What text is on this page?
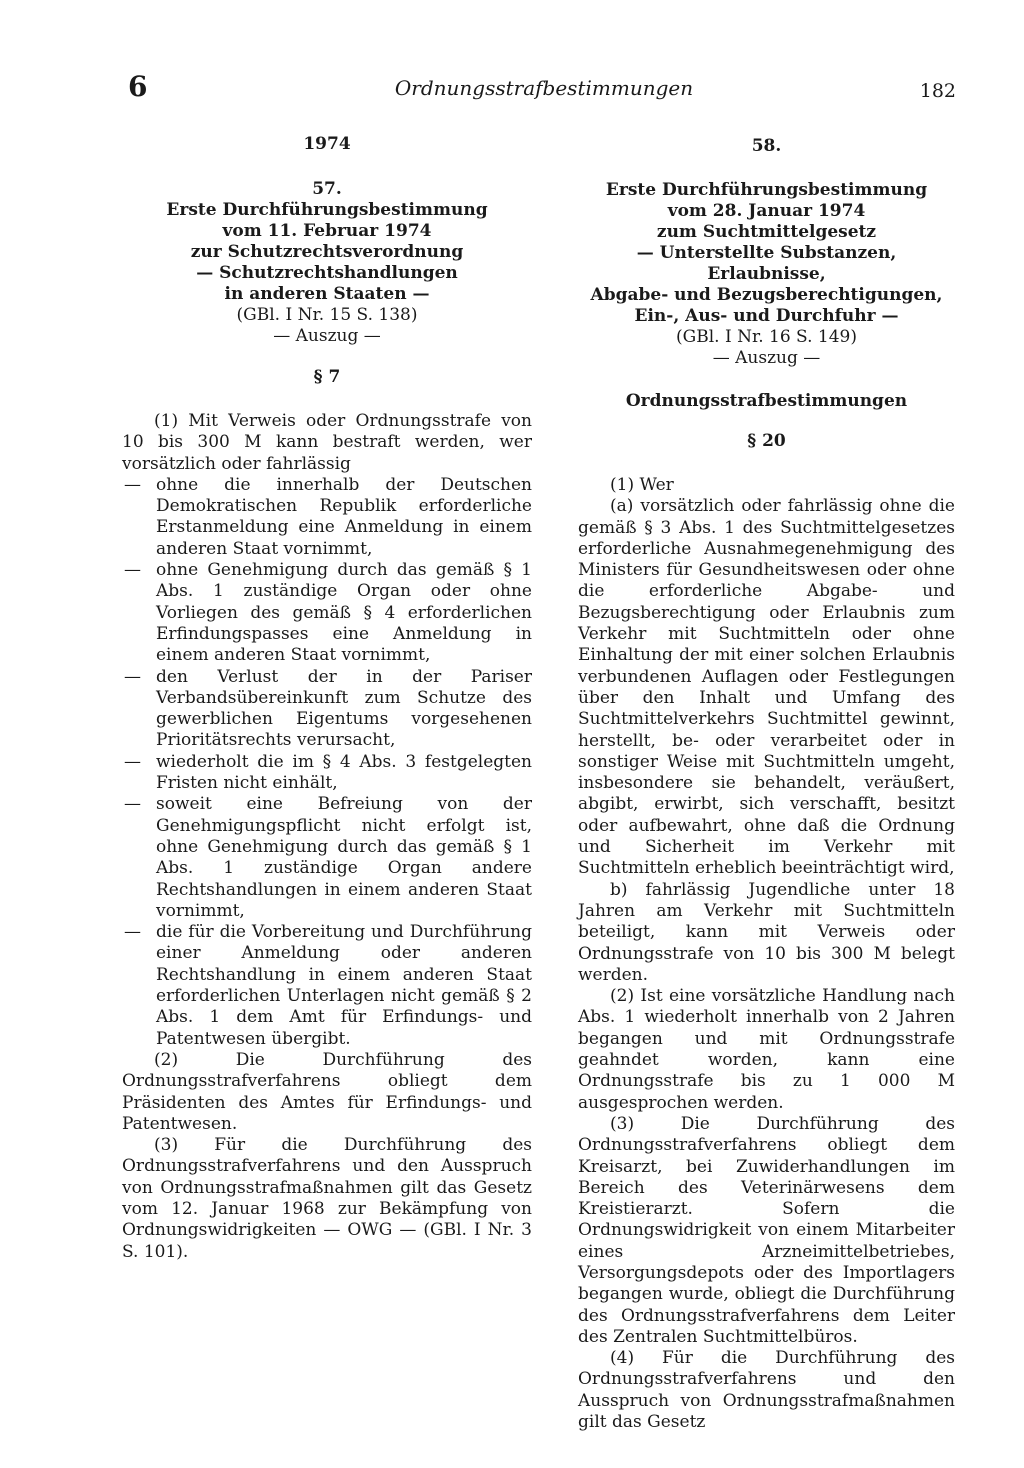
6	Ordnungsstrafbestimmungen	182
1974
57.
Erste Durchführungsbestimmung
vom 11. Februar 1974
zur Schutzrechtsverordnung
— Schutzrechtshandlungen
in anderen Staaten —
(GBl. I Nr. 15 S. 138)
— Auszug —
§ 7

(1) Mit Verweis oder Ordnungsstrafe von 10 bis 300 M kann bestraft werden, wer vorsätzlich oder fahrlässig

— ohne die innerhalb der Deutschen Demokratischen Republik erforderliche Erstanmeldung eine Anmeldung in einem anderen Staat vornimmt,
— ohne Genehmigung durch das gemäß § 1 Abs. 1 zuständige Organ oder ohne Vorliegen des gemäß § 4 erforderlichen Erfindungspasses eine Anmeldung in einem anderen Staat vornimmt,
— den Verlust der in der Pariser Verbandsübereinkunft zum Schutze des gewerblichen Eigentums vorgesehenen Prioritätsrechts verursacht,
— wiederholt die im § 4 Abs. 3 festgelegten Fristen nicht einhält,
— soweit eine Befreiung von der Genehmigungspflicht nicht erfolgt ist, ohne Genehmigung durch das gemäß § 1 Abs. 1 zuständige Organ andere Rechtshandlungen in einem anderen Staat vornimmt,
— die für die Vorbereitung und Durchführung einer Anmeldung oder anderen Rechtshandlung in einem anderen Staat erforderlichen Unterlagen nicht gemäß § 2 Abs. 1 dem Amt für Erfindungs- und Patentwesen übergibt.

(2) Die Durchführung des Ordnungsstrafverfahrens obliegt dem Präsidenten des Amtes für Erfindungs- und Patentwesen.

(3) Für die Durchführung des Ordnungsstrafverfahrens und den Ausspruch von Ordnungsstrafmaßnahmen gilt das Gesetz vom 12. Januar 1968 zur Bekämpfung von Ordnungswidrigkeiten — OWG — (GBl. I Nr. 3 S. 101).

58.
Erste Durchführungsbestimmung
vom 28. Januar 1974
zum Suchtmittelgesetz
— Unterstellte Substanzen, Erlaubnisse,
Abgabe- und Bezugsberechtigungen,
Ein-, Aus- und Durchfuhr —
(GBl. I Nr. 16 S. 149)
— Auszug —
Ordnungsstrafbestimmungen
§ 20

(1) Wer

(a) vorsätzlich oder fahrlässig ohne die gemäß § 3 Abs. 1 des Suchtmittelgesetzes erforderliche Ausnahmegenehmigung des Ministers für Gesundheitswesen oder ohne die erforderliche Abgabe- und Bezugsberechtigung oder Erlaubnis zum Verkehr mit Suchtmitteln oder ohne Einhaltung der mit einer solchen Erlaubnis verbundenen Auflagen oder Festlegungen über den Inhalt und Umfang des Suchtmittelverkehrs Suchtmittel gewinnt, herstellt, be- oder verarbeitet oder in sonstiger Weise mit Suchtmitteln umgeht, insbesondere sie behandelt, veräußert, abgibt, erwirbt, sich verschafft, besitzt oder aufbewahrt, ohne daß die Ordnung und Sicherheit im Verkehr mit Suchtmitteln erheblich beeinträchtigt wird,

b) fahrlässig Jugendliche unter 18 Jahren am Verkehr mit Suchtmitteln beteiligt, kann mit Verweis oder Ordnungsstrafe von 10 bis 300 M belegt werden.

(2) Ist eine vorsätzliche Handlung nach Abs. 1 wiederholt innerhalb von 2 Jahren begangen und mit Ordnungsstrafe geahndet worden, kann eine Ordnungsstrafe bis zu 1 000 M ausgesprochen werden.

(3) Die Durchführung des Ordnungsstrafverfahrens obliegt dem Kreisarzt, bei Zuwiderhandlungen im Bereich des Veterinärwesens dem Kreistierarzt. Sofern die Ordnungswidrigkeit von einem Mitarbeiter eines Arzneimittelbetriebes, Versorgungsdepots oder des Importlagers begangen wurde, obliegt die Durchführung des Ordnungsstrafverfahrens dem Leiter des Zentralen Suchtmittelbüros.

(4) Für die Durchführung des Ordnungsstrafverfahrens und den Ausspruch von Ordnungsstrafmaßnahmen gilt das Gesetz
